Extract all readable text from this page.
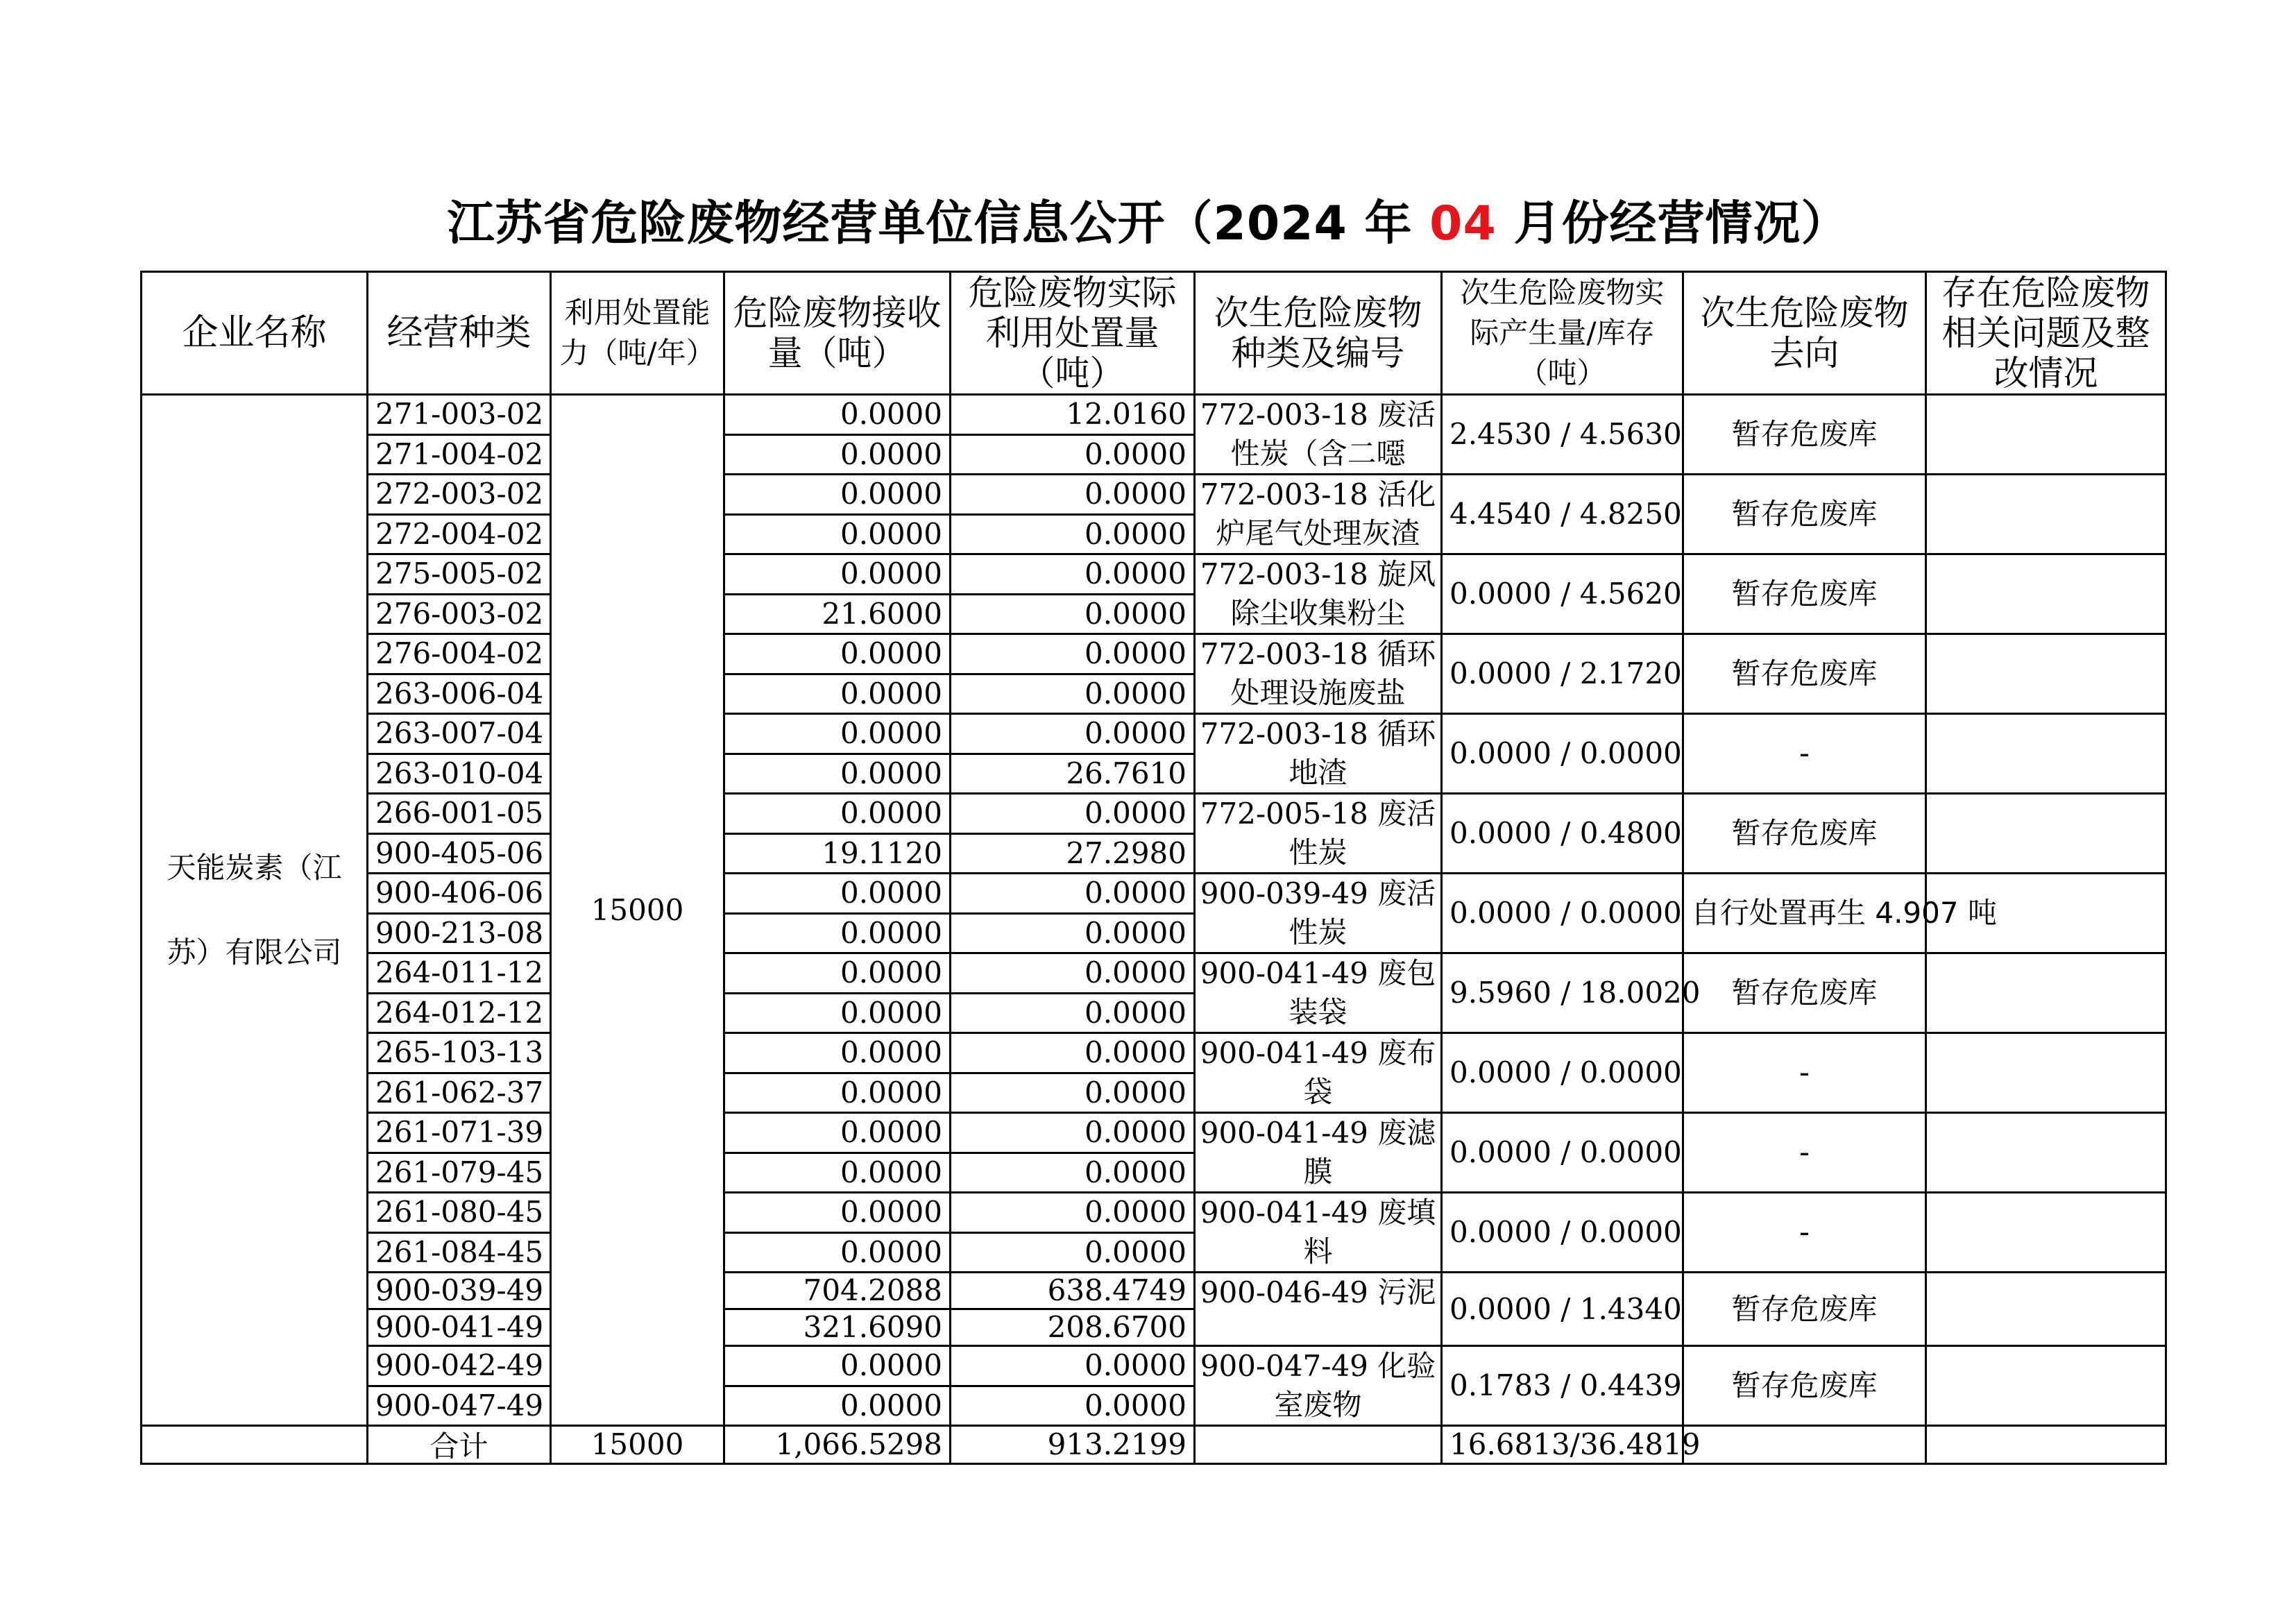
江苏省危险废物经营单位信息公开（2024 年 04 月份经营情况）
企业名称	经营种类	利用处置能力（吨/年）	危险废物接收量（吨）	危险废物实际利用处置量（吨）	次生危险废物种类及编号	次生危险废物实际产生量/库存（吨）	次生危险废物去向	存在危险废物相关问题及整改情况
天能炭素（江苏）有限公司	271-003-02	15000	0.0000	12.0160	772-003-18 废活性炭（含二噁	2.4530 / 4.5630	暂存危废库	
	271-004-02		0.0000	0.0000				
	272-003-02		0.0000	0.0000	772-003-18 活化炉尾气处理灰渣	4.4540 / 4.8250	暂存危废库	
	272-004-02		0.0000	0.0000				
	275-005-02		0.0000	0.0000	772-003-18 旋风除尘收集粉尘	0.0000 / 4.5620	暂存危废库	
	276-003-02		21.6000	0.0000				
	276-004-02		0.0000	0.0000	772-003-18 循环处理设施废盐	0.0000 / 2.1720	暂存危废库	
	263-006-04		0.0000	0.0000				
	263-007-04		0.0000	0.0000	772-003-18 循环地渣	0.0000 / 0.0000	-	
	263-010-04		0.0000	26.7610				
	266-001-05		0.0000	0.0000	772-005-18 废活性炭	0.0000 / 0.4800	暂存危废库	
	900-405-06		19.1120	27.2980				
	900-406-06		0.0000	0.0000	900-039-49 废活性炭	0.0000 / 0.0000	自行处置再生 4.907 吨	
	900-213-08		0.0000	0.0000				
	264-011-12		0.0000	0.0000	900-041-49 废包装袋	9.5960 / 18.0020	暂存危废库	
	264-012-12		0.0000	0.0000				
	265-103-13		0.0000	0.0000	900-041-49 废布袋	0.0000 / 0.0000	-	
	261-062-37		0.0000	0.0000				
	261-071-39		0.0000	0.0000	900-041-49 废滤膜	0.0000 / 0.0000	-	
	261-079-45		0.0000	0.0000				
	261-080-45		0.0000	0.0000	900-041-49 废填料	0.0000 / 0.0000	-	
	261-084-45		0.0000	0.0000				
	900-039-49		704.2088	638.4749	900-046-49 污泥	0.0000 / 1.4340	暂存危废库	
	900-041-49		321.6090	208.6700				
	900-042-49		0.0000	0.0000	900-047-49 化验室废物	0.1783 / 0.4439	暂存危废库	
	900-047-49		0.0000	0.0000				
	合计	15000	1,066.5298	913.2199		16.6813/36.4819		
